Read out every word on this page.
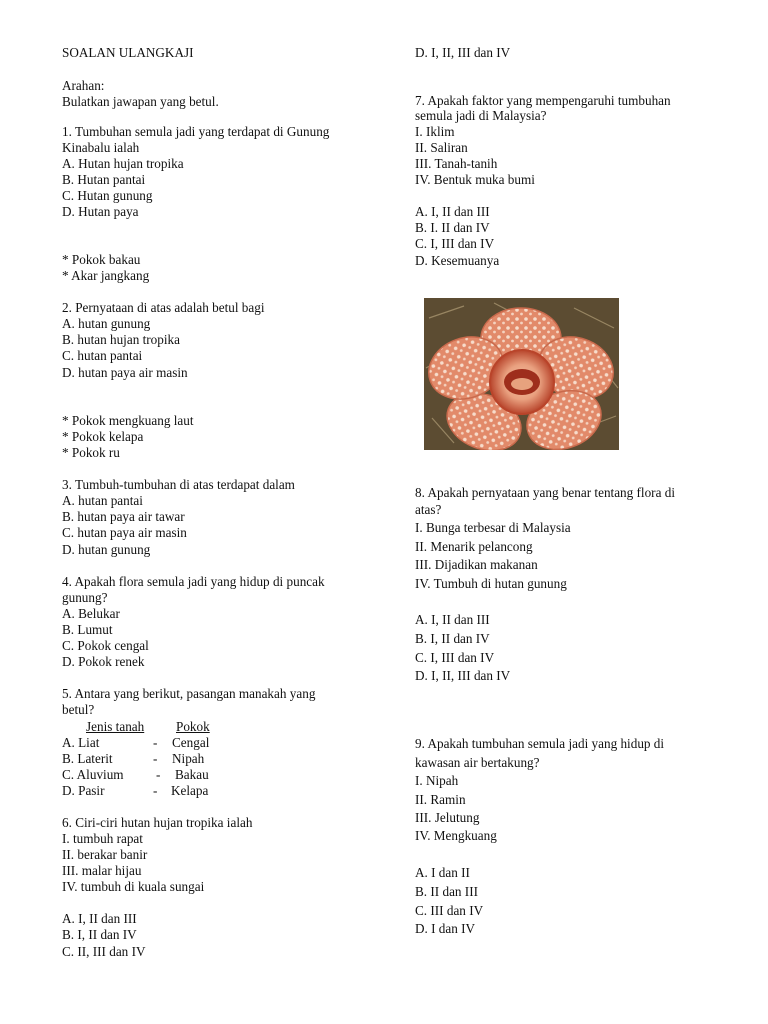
SOALAN ULANGKAJI
Arahan:
Bulatkan jawapan yang betul.
1. Tumbuhan semula jadi yang terdapat di Gunung
Kinabalu ialah
A. Hutan hujan tropika
B. Hutan pantai
C. Hutan gunung
D. Hutan paya
* Pokok bakau
* Akar jangkang
2. Pernyataan di atas adalah betul bagi
A. hutan gunung
B. hutan hujan tropika
C. hutan pantai
D. hutan paya air masin
* Pokok mengkuang laut
* Pokok kelapa
* Pokok ru
3. Tumbuh-tumbuhan di atas terdapat dalam
A. hutan pantai
B. hutan paya air tawar
C. hutan paya air masin
D. hutan gunung
4. Apakah flora semula jadi yang hidup di puncak
gunung?
A. Belukar
B. Lumut
C. Pokok cengal
D. Pokok renek
5. Antara yang berikut, pasangan manakah yang
betul?
Jenis tanah Pokok
A. Liat	- Cengal
B. Laterit	- Nipah
C. Aluvium - Bakau
D. Pasir	- Kelapa
6. Ciri-ciri hutan hujan tropika ialah
I. tumbuh rapat
II. berakar banir
III. malar hijau
IV. tumbuh di kuala sungai
A. I, II dan III
B. I, II dan IV
C. II, III dan IV
D. I, II, III dan IV
7. Apakah faktor yang mempengaruhi tumbuhan
semula jadi di Malaysia?
I. Iklim
II. Saliran
III. Tanah-tanih
IV. Bentuk muka bumi
A. I, II dan III
B. I. II dan IV
C. I, III dan IV
D. Kesemuanya
8. Apakah pernyataan yang benar tentang flora di
atas?
I. Bunga terbesar di Malaysia
II. Menarik pelancong
III. Dijadikan makanan
IV. Tumbuh di hutan gunung
A. I, II dan III
B. I, II dan IV
C. I, III dan IV
D. I, II, III dan IV
9. Apakah tumbuhan semula jadi yang hidup di
kawasan air bertakung?
I. Nipah
II. Ramin
III. Jelutung
IV. Mengkuang
A. I dan II
B. II dan III
C. III dan IV
D. I dan IV
